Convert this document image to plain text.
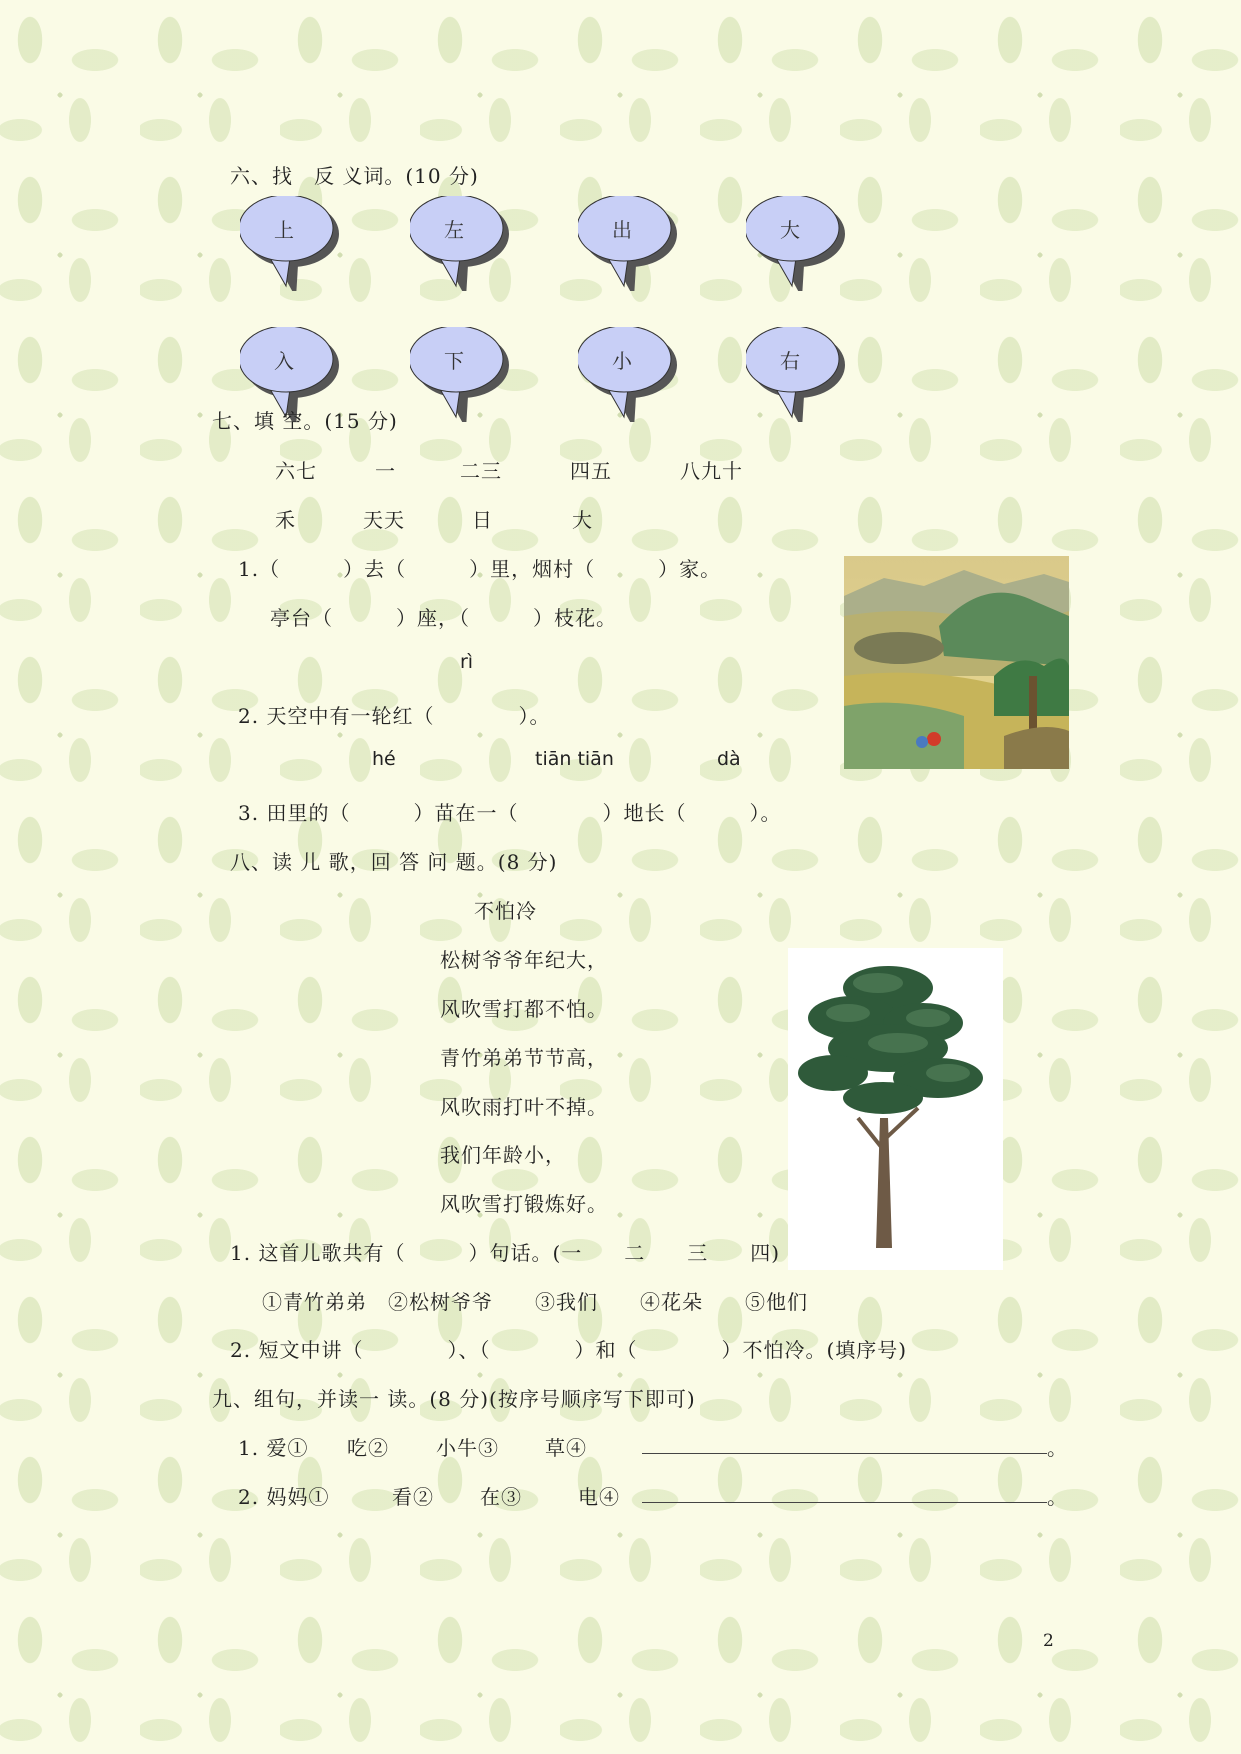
六、找　反 义词。(10 分)
上	左	出	大
入	下	小	右
七、填 空。(15 分)
六七	一	二三	四五	八九十
禾	天天	日	大
1.（　　　）去（　　　）里，烟村（　　　）家。
亭台（　　　）座，（　　　）枝花。
rì
2. 天空中有一轮红（　　　　）。
hé	tiān tiān	dà
3. 田里的（　　　）苗在一（　　　　）地长（　　　）。
八、读 儿 歌，回 答 问 题。(8 分)
不怕冷
松树爷爷年纪大，
风吹雪打都不怕。
青竹弟弟节节高，
风吹雨打叶不掉。
我们年龄小，
风吹雪打锻炼好。
1. 这首儿歌共有（　　　）句话。(一　　二　　三　　四)
①青竹弟弟　②松树爷爷　　③我们　　④花朵　　⑤他们
2. 短文中讲（　　　　）、（　　　　）和（　　　　）不怕冷。(填序号)
九、组句，并读一 读。(8 分)(按序号顺序写下即可)
1. 爱① 吃② 小牛③ 草④	。
2. 妈妈①	看② 在③	电④	。
2
